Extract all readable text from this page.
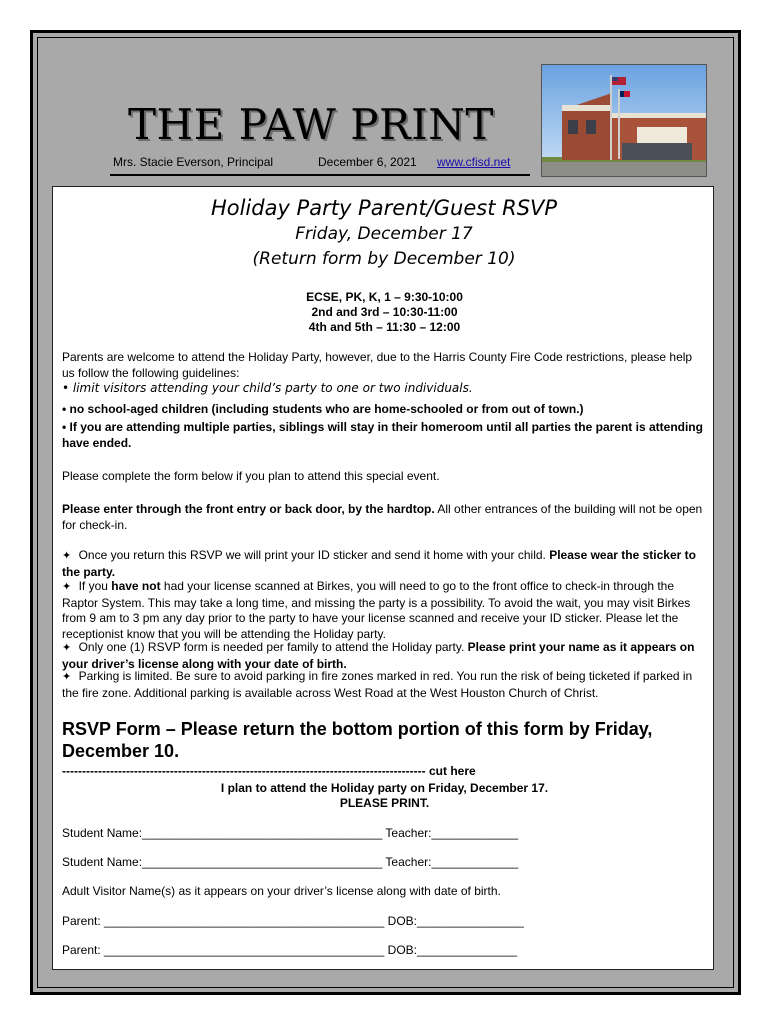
THE PAW PRINT
Mrs. Stacie Everson, Principal	December 6, 2021 www.cfisd.net
Holiday Party Parent/Guest RSVP
Friday, December 17
(Return form by December 10)
ECSE, PK, K, 1 – 9:30-10:00
2nd and 3rd – 10:30-11:00
4th and 5th – 11:30 – 12:00
Parents are welcome to attend the Holiday Party, however, due to the Harris County Fire Code restrictions, please help us follow the following guidelines:
• limit visitors attending your child’s party to one or two individuals.
• no school-aged children (including students who are home-schooled or from out of town.)
• If you are attending multiple parties, siblings will stay in their homeroom until all parties the parent is attending have ended.
Please complete the form below if you plan to attend this special event.
Please enter through the front entry or back door, by the hardtop. All other entrances of the building will not be open for check-in.
✦ Once you return this RSVP we will print your ID sticker and send it home with your child. Please wear the sticker to the party.
✦ If you have not had your license scanned at Birkes, you will need to go to the front office to check-in through the Raptor System. This may take a long time, and missing the party is a possibility. To avoid the wait, you may visit Birkes from 9 am to 3 pm any day prior to the party to have your license scanned and receive your ID sticker. Please let the receptionist know that you will be attending the Holiday party.
✦ Only one (1) RSVP form is needed per family to attend the Holiday party. Please print your name as it appears on your driver’s license along with your date of birth.
✦ Parking is limited. Be sure to avoid parking in fire zones marked in red. You run the risk of being ticketed if parked in the fire zone. Additional parking is available across West Road at the West Houston Church of Christ.
RSVP Form – Please return the bottom portion of this form by Friday, December 10.
------------------------------------------------------------------------------------------- cut here
I plan to attend the Holiday party on Friday, December 17.
PLEASE PRINT.
Student Name:____________________________________ Teacher:_____________
Student Name:____________________________________ Teacher:_____________
Adult Visitor Name(s) as it appears on your driver’s license along with date of birth.
Parent: __________________________________________ DOB:________________
Parent: __________________________________________ DOB:_______________
